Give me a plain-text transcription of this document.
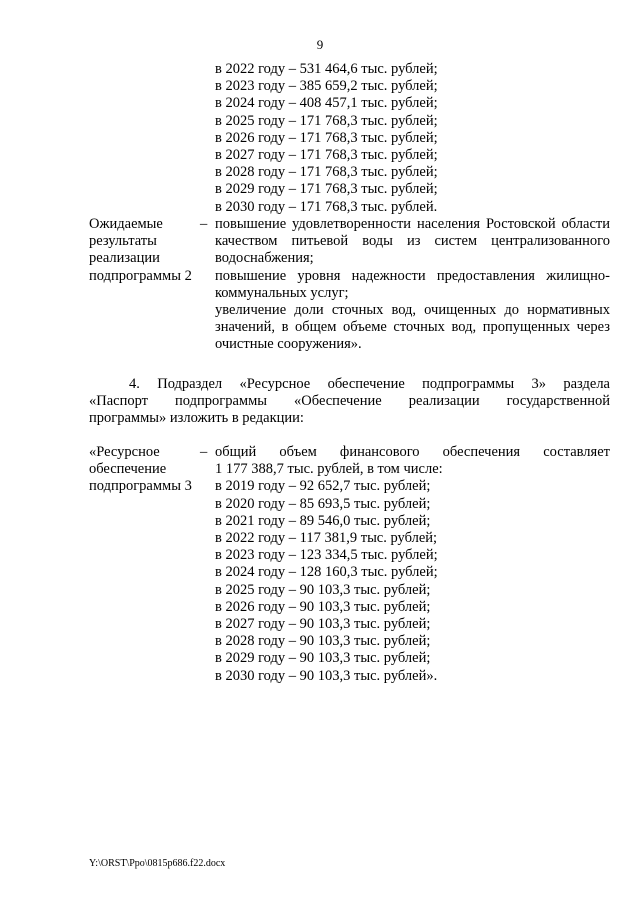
9
в 2022 году – 531 464,6 тыс. рублей;
в 2023 году – 385 659,2 тыс. рублей;
в 2024 году – 408 457,1 тыс. рублей;
в 2025 году – 171 768,3 тыс. рублей;
в 2026 году – 171 768,3 тыс. рублей;
в 2027 году – 171 768,3 тыс. рублей;
в 2028 году – 171 768,3 тыс. рублей;
в 2029 году – 171 768,3 тыс. рублей;
в 2030 году – 171 768,3 тыс. рублей.
Ожидаемые
результаты
реализации
подпрограммы 2
– повышение удовлетворенности населения Ростовской области качеством питьевой воды из систем централизованного водоснабжения;
повышение уровня надежности предоставления жилищно-коммунальных услуг;
увеличение доли сточных вод, очищенных до нормативных значений, в общем объеме сточных вод, пропущенных через очистные сооружения».
4. Подраздел «Ресурсное обеспечение подпрограммы 3» раздела
«Паспорт подпрограммы «Обеспечение реализации государственной
программы» изложить в редакции:
«Ресурсное
обеспечение
подпрограммы 3
– общий объем финансового обеспечения составляет
1 177 388,7 тыс. рублей, в том числе:
в 2019 году – 92 652,7 тыс. рублей;
в 2020 году – 85 693,5 тыс. рублей;
в 2021 году – 89 546,0 тыс. рублей;
в 2022 году – 117 381,9 тыс. рублей;
в 2023 году – 123 334,5 тыс. рублей;
в 2024 году – 128 160,3 тыс. рублей;
в 2025 году – 90 103,3 тыс. рублей;
в 2026 году – 90 103,3 тыс. рублей;
в 2027 году – 90 103,3 тыс. рублей;
в 2028 году – 90 103,3 тыс. рублей;
в 2029 году – 90 103,3 тыс. рублей;
в 2030 году – 90 103,3 тыс. рублей».
Y:\ORST\Ppo\0815p686.f22.docx
